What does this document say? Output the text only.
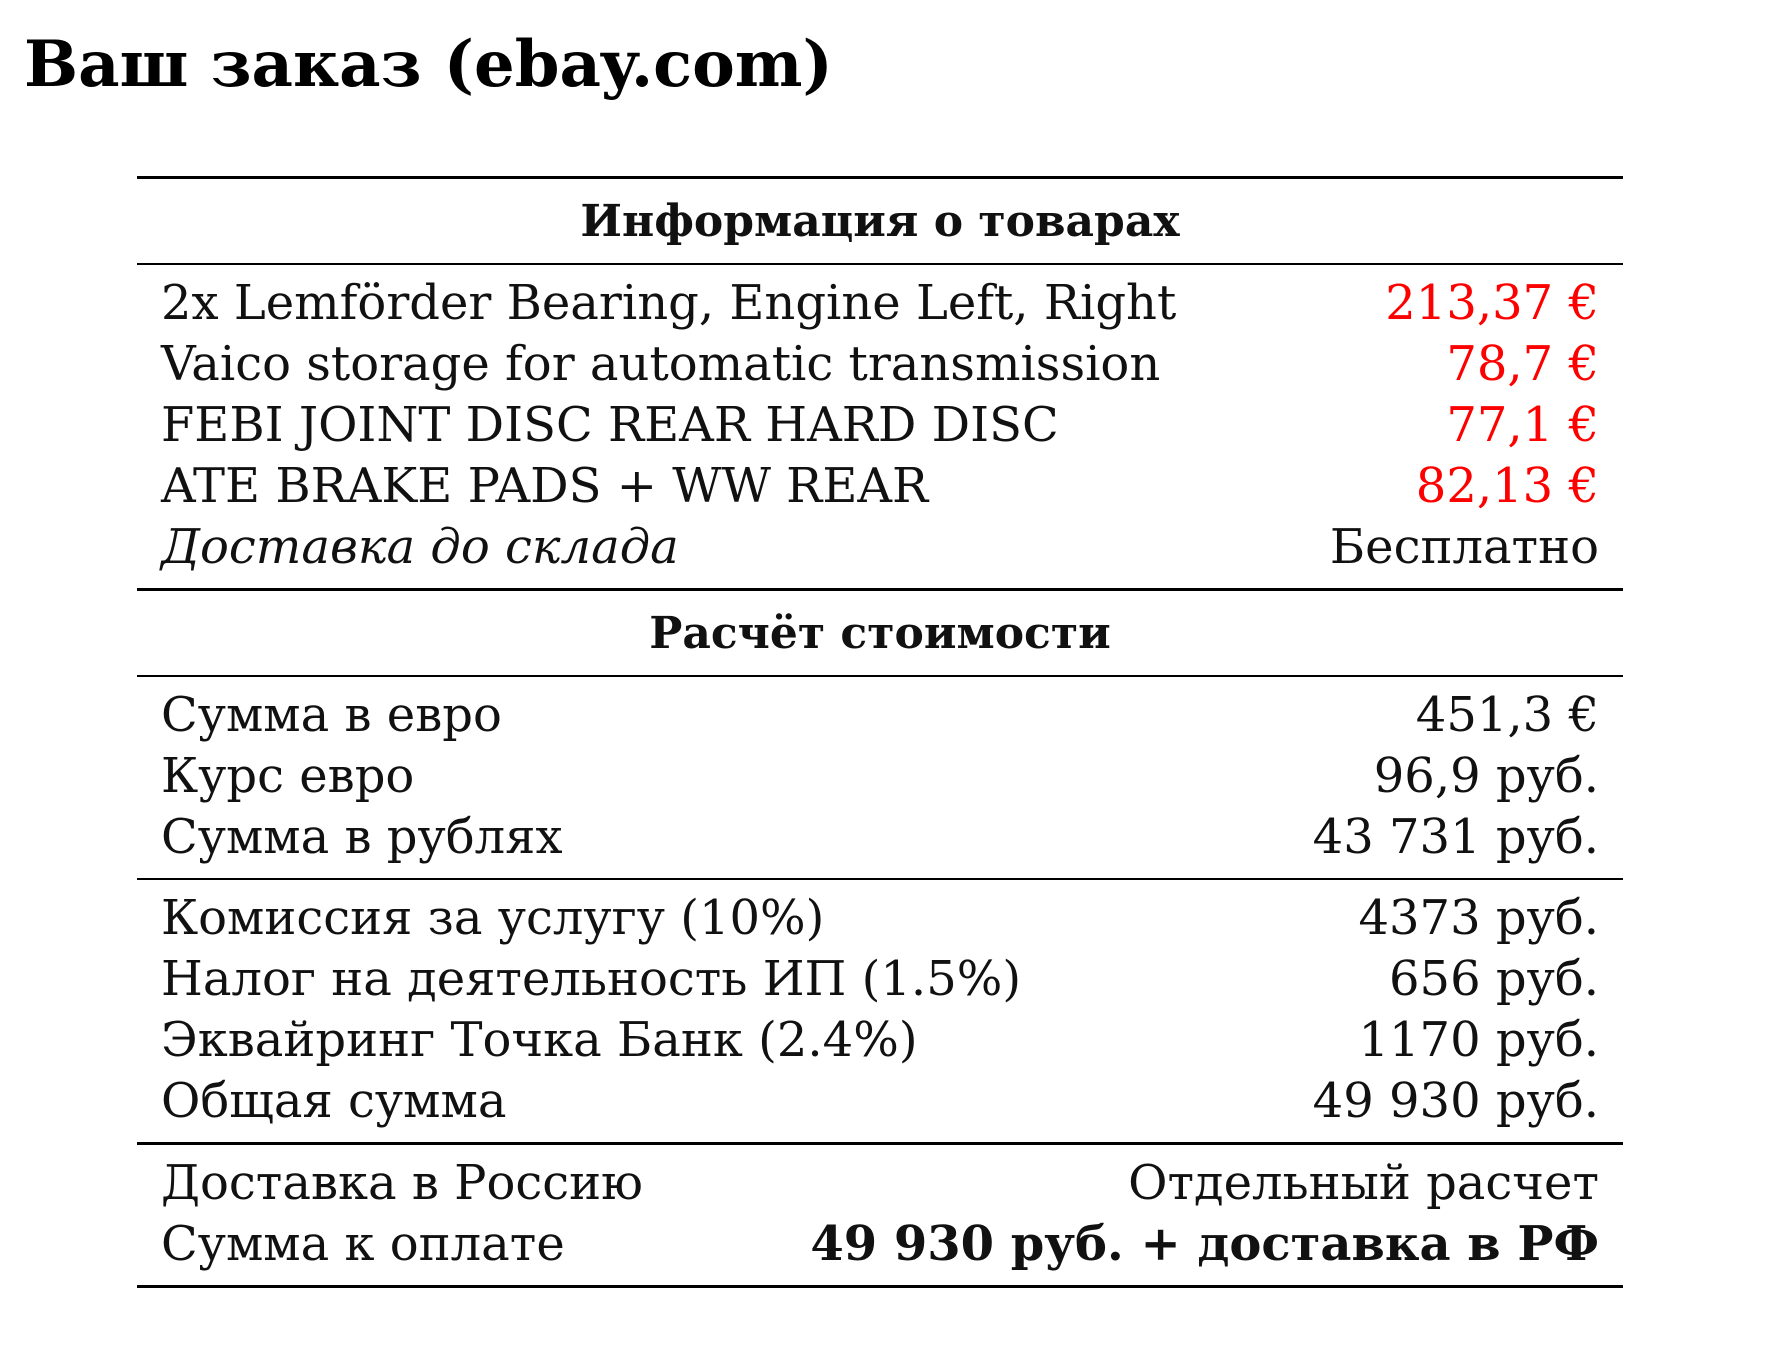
Ваш заказ (ebay.com)
Информация о товарах
2x Lemförder Bearing, Engine Left, Right	213,37 €
Vaico storage for automatic transmission	78,7 €
FEBI JOINT DISC REAR HARD DISC	77,1 €
ATE BRAKE PADS + WW REAR	82,13 €
Доставка до склада	Бесплатно
Расчёт стоимости
Сумма в евро	451,3 €
Курс евро	96,9 руб.
Сумма в рублях	43 731 руб.
Комиссия за услугу (10%)	4373 руб.
Налог на деятельность ИП (1.5%)	656 руб.
Эквайринг Точка Банк (2.4%)	1170 руб.
Общая сумма	49 930 руб.
Доставка в Россию	Отдельный расчет
Сумма к оплате	49 930 руб. + доставка в РФ
